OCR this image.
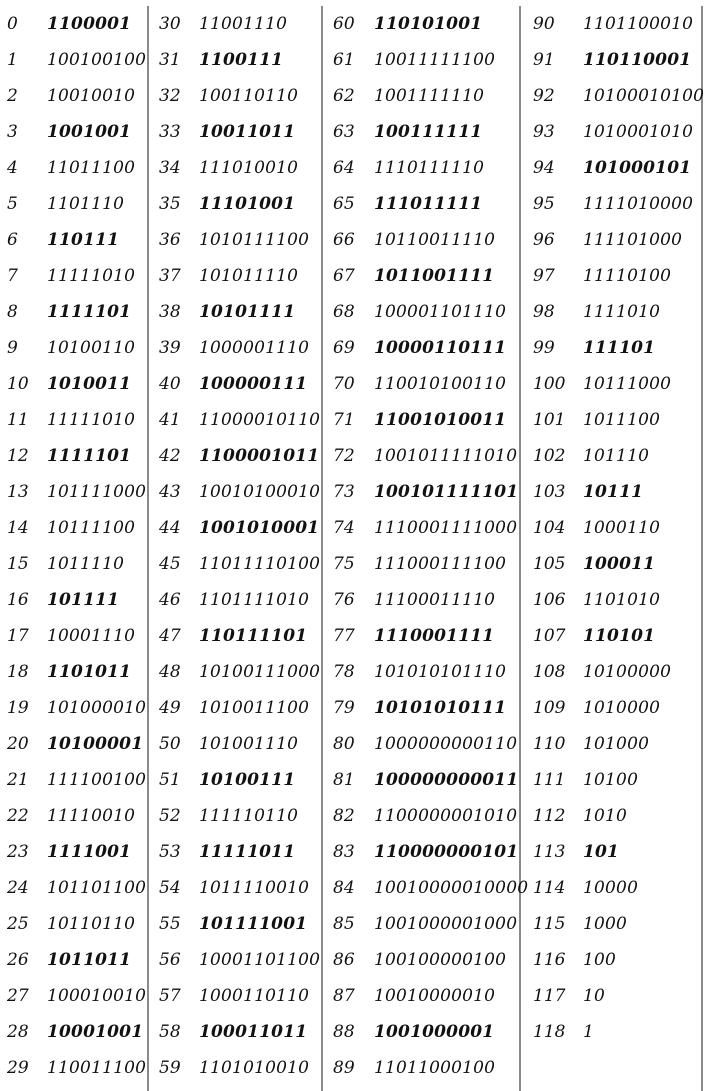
0	1100001
1	100100100
2	10010010
3	1001001
4	11011100
5	1101110
6	110111
7	11111010
8	1111101
9	10100110
10	1010011
11	11111010
12	1111101
13	101111000
14	10111100
15	1011110
16	101111
17	10001110
18	1101011
19	101000010
20	10100001
21	111100100
22	11110010
23	1111001
24	101101100
25	10110110
26	1011011
27	100010010
28	10001001
29	110011100
30	11001110
31	1100111
32	100110110
33	10011011
34	111010010
35	11101001
36	1010111100
37	101011110
38	10101111
39	1000001110
40	100000111
41	11000010110
42	1100001011
43	10010100010
44	1001010001
45	11011110100
46	1101111010
47	110111101
48	10100111000
49	1010011100
50	101001110
51	10100111
52	111110110
53	11111011
54	1011110010
55	101111001
56	10001101100
57	1000110110
58	100011011
59	1101010010
60	110101001
61	10011111100
62	1001111110
63	100111111
64	1110111110
65	111011111
66	10110011110
67	1011001111
68	100001101110
69	10000110111
70	110010100110
71	11001010011
72	1001011111010
73	100101111101
74	1110001111000
75	111000111100
76	11100011110
77	1110001111
78	101010101110
79	10101010111
80	1000000000110
81	100000000011
82	1100000001010
83	110000000101
84	10010000010000
85	1001000001000
86	100100000100
87	10010000010
88	1001000001
89	11011000100
90	1101100010
91	110110001
92	10100010100
93	1010001010
94	101000101
95	1111010000
96	111101000
97	11110100
98	1111010
99	111101
100	10111000
101	1011100
102	101110
103	10111
104	1000110
105	100011
106	1101010
107	110101
108	10100000
109	1010000
110	101000
111	10100
112	1010
113	101
114	10000
115	1000
116	100
117	10
118	1
